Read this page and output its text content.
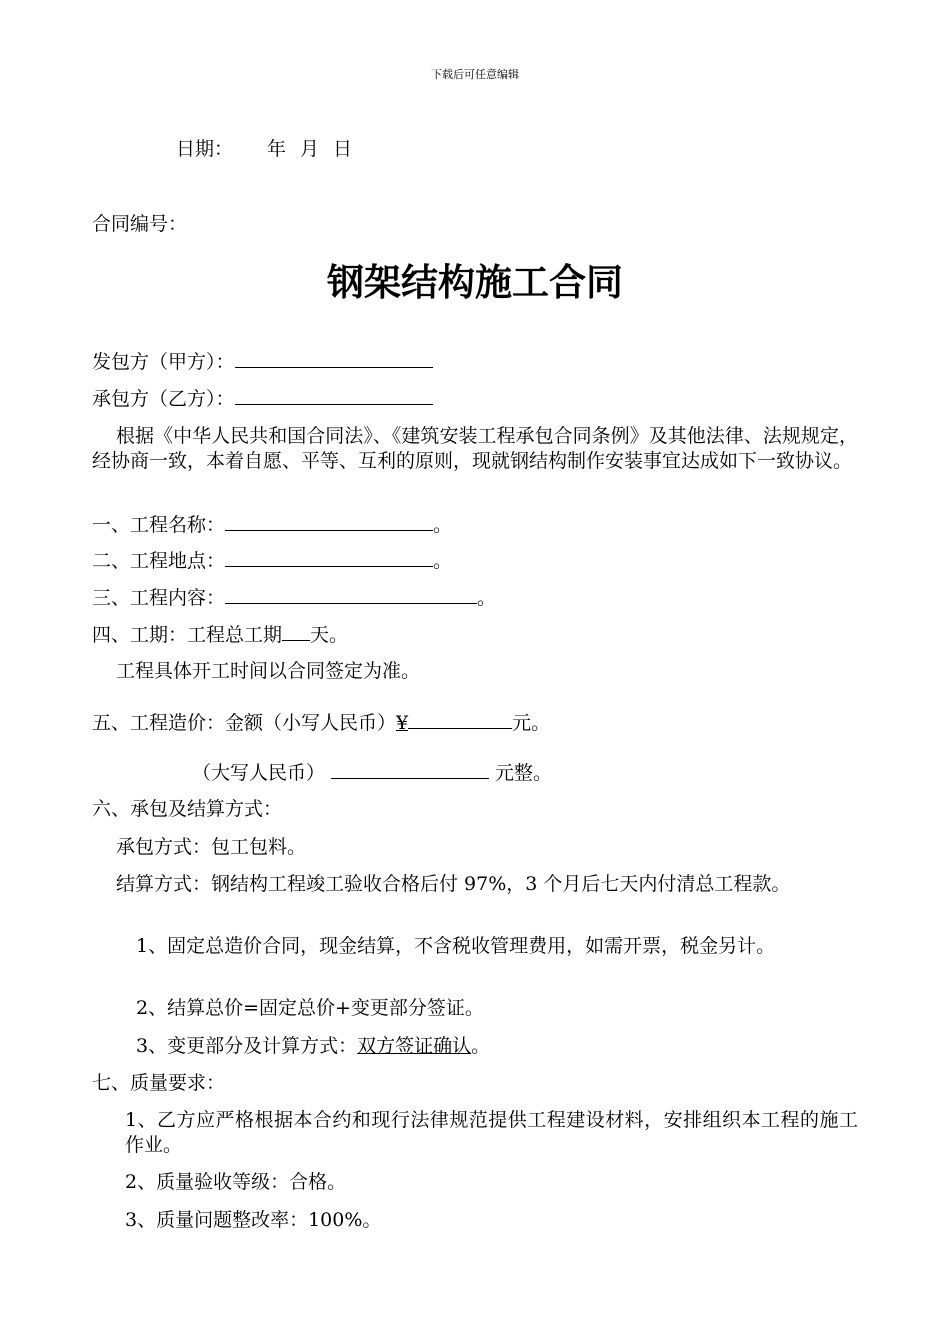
下载后可任意编辑
日期： 年 月 日
合同编号：
钢架结构施工合同
发包方（甲方）：
承包方（乙方）：
根据《中华人民共和国合同法》、《建筑安装工程承包合同条例》及其他法律、法规规定，经协商一致，本着自愿、平等、互利的原则，现就钢结构制作安装事宜达成如下一致协议。
一、工程名称：	。
二、工程地点：	。
三、工程内容：	。
四、工期：工程总工期 天。
工程具体开工时间以合同签定为准。
五、工程造价：金额（小写人民币）¥	元。
（大写人民币）	元整。
六、承包及结算方式：
承包方式：包工包料。
结算方式：钢结构工程竣工验收合格后付 97%，3 个月后七天内付清总工程款。
1、固定总造价合同，现金结算，不含税收管理费用，如需开票，税金另计。
2、结算总价=固定总价+变更部分签证。
3、变更部分及计算方式：双方签证确认。
七、质量要求：
1、乙方应严格根据本合约和现行法律规范提供工程建设材料，安排组织本工程的施工作业。
2、质量验收等级：合格。
3、质量问题整改率：100%。
